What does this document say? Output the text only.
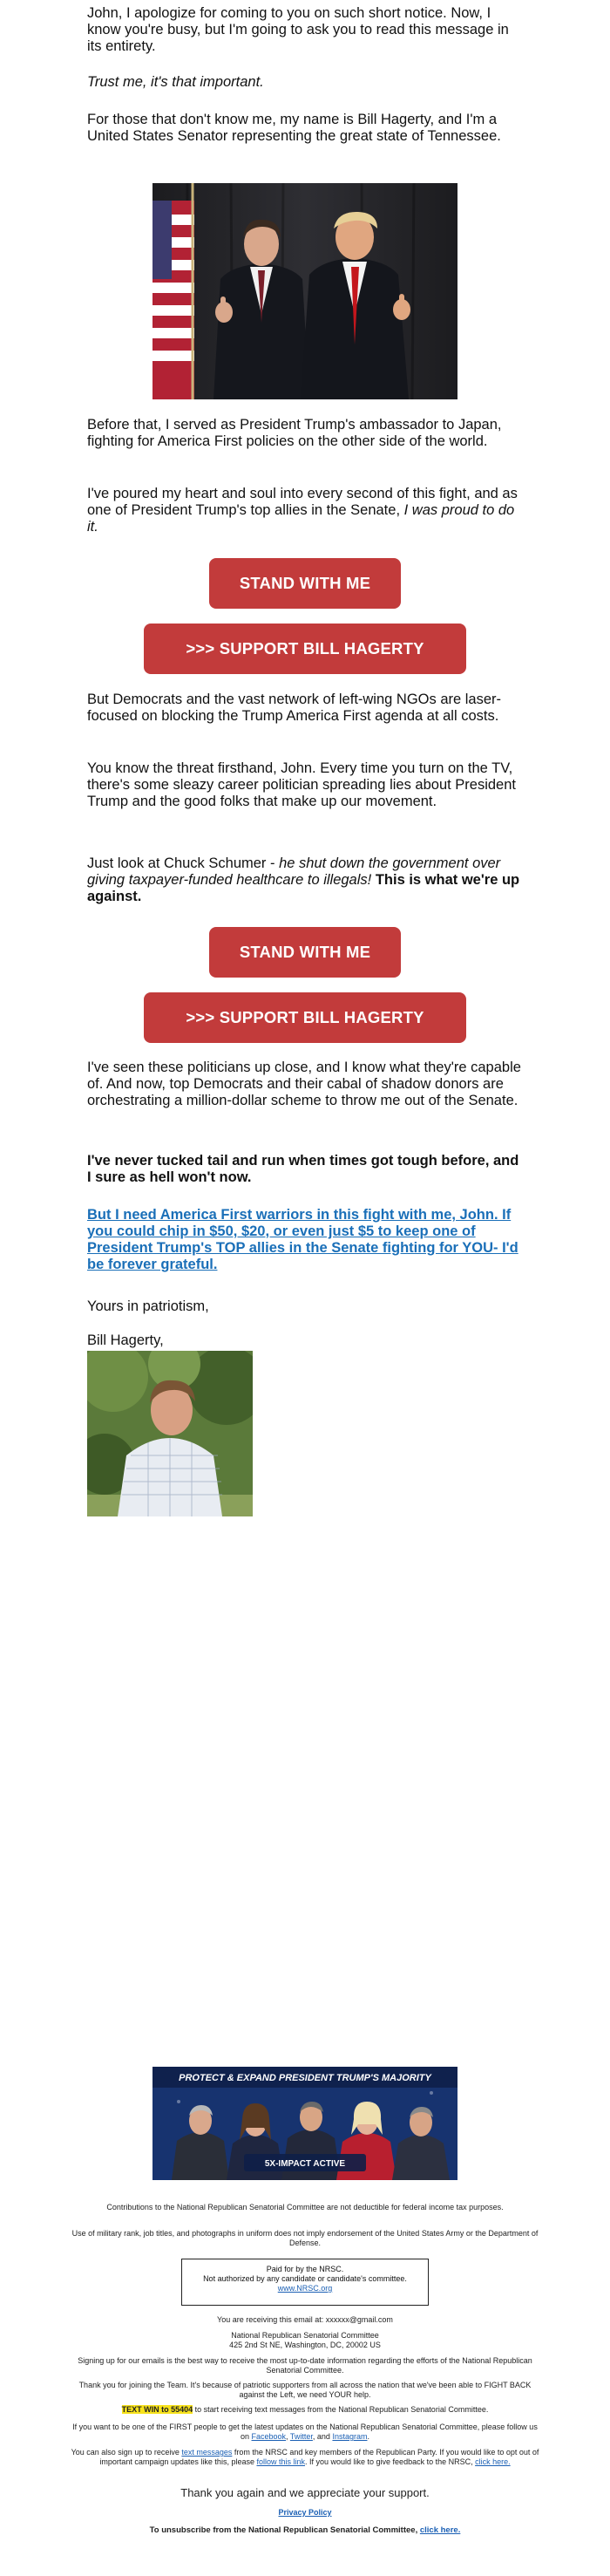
John, I apologize for coming to you on such short notice. Now, I know you're busy, but I'm going to ask you to read this message in its entirety.

Trust me, it's that important.

For those that don't know me, my name is Bill Hagerty, and I'm a United States Senator representing the great state of Tennessee.

Before that, I served as President Trump's ambassador to Japan, fighting for America First policies on the other side of the world.

I've poured my heart and soul into every second of this fight, and as one of President Trump's top allies in the Senate, I was proud to do it.

STAND WITH ME
>>> SUPPORT BILL HAGERTY

But Democrats and the vast network of left-wing NGOs are laser-focused on blocking the Trump America First agenda at all costs.

You know the threat firsthand, John. Every time you turn on the TV, there's some sleazy career politician spreading lies about President Trump and the good folks that make up our movement.

Just look at Chuck Schumer - he shut down the government over giving taxpayer-funded healthcare to illegals! This is what we're up against.

STAND WITH ME
>>> SUPPORT BILL HAGERTY

I've seen these politicians up close, and I know what they're capable of. And now, top Democrats and their cabal of shadow donors are orchestrating a million-dollar scheme to throw me out of the Senate.

I've never tucked tail and run when times got tough before, and I sure as hell won't now.

But I need America First warriors in this fight with me, John. If you could chip in $50, $20, or even just $5 to keep one of President Trump's TOP allies in the Senate fighting for YOU- I'd be forever grateful.

Yours in patriotism,

Bill Hagerty,

PROTECT & EXPAND PRESIDENT TRUMP'S MAJORITY
5X-IMPACT ACTIVE

Contributions to the National Republican Senatorial Committee are not deductible for federal income tax purposes.

Use of military rank, job titles, and photographs in uniform does not imply endorsement of the United States Army or the Department of Defense.

Paid for by the NRSC.
Not authorized by any candidate or candidate's committee.
www.NRSC.org

You are receiving this email at: xxxxxx@gmail.com

National Republican Senatorial Committee
425 2nd St NE, Washington, DC, 20002 US

Signing up for our emails is the best way to receive the most up-to-date information regarding the efforts of the National Republican Senatorial Committee.

Thank you for joining the Team. It's because of patriotic supporters from all across the nation that we've been able to FIGHT BACK against the Left, we need YOUR help.

TEXT WIN to 55404 to start receiving text messages from the National Republican Senatorial Committee.

If you want to be one of the FIRST people to get the latest updates on the National Republican Senatorial Committee, please follow us on Facebook, Twitter, and Instagram.

You can also sign up to receive text messages from the NRSC and key members of the Republican Party. If you would like to opt out of important campaign updates like this, please follow this link. If you would like to give feedback to the NRSC, click here.

Thank you again and we appreciate your support.

Privacy Policy

To unsubscribe from the National Republican Senatorial Committee, click here.
